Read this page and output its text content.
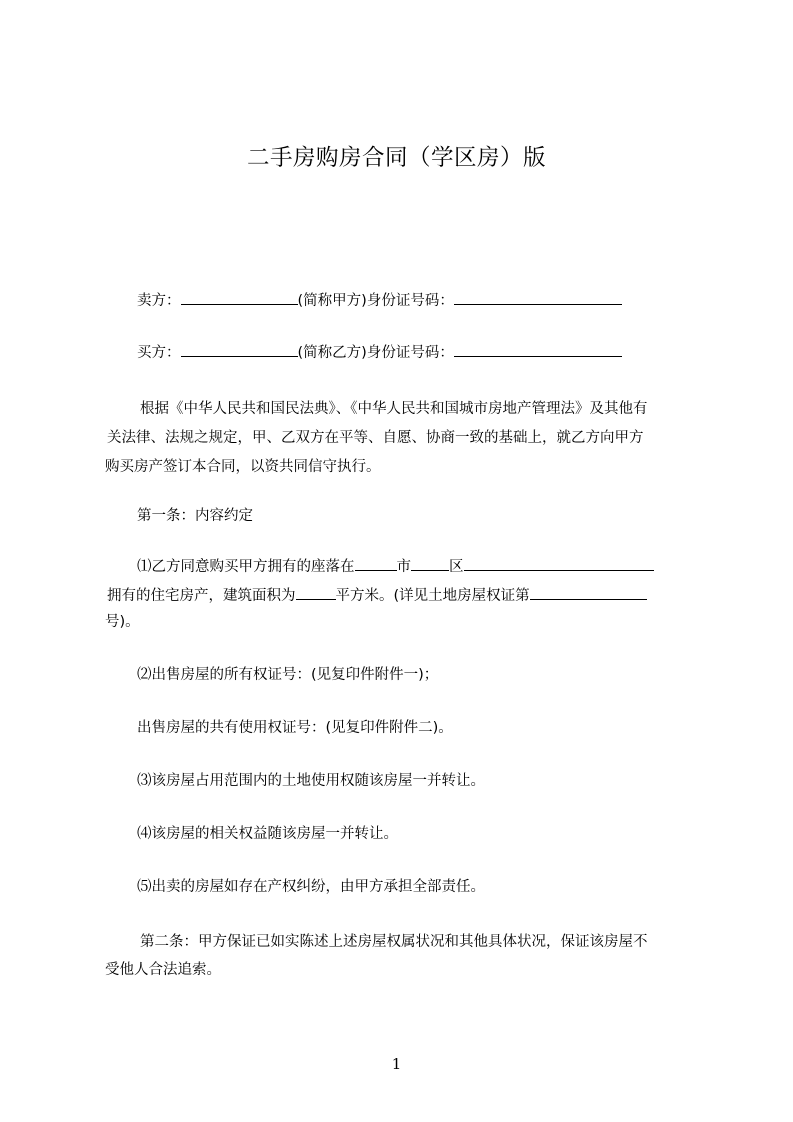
二手房购房合同（学区房）版

卖方：	(简称甲方)身份证号码：

买方：	(简称乙方)身份证号码：

根据《中华人民共和国民法典》、《中华人民共和国城市房地产管理法》及其他有

关法律、法规之规定，甲、乙双方在平等、自愿、协商一致的基础上，就乙方向甲方

购买房产签订本合同，以资共同信守执行。

第一条：内容约定

⑴乙方同意购买甲方拥有的座落在	市	区

拥有的住宅房产，建筑面积为	平方米。(详见土地房屋权证第

号)。

⑵出售房屋的所有权证号：(见复印件附件一)；

出售房屋的共有使用权证号：(见复印件附件二)。

⑶该房屋占用范围内的土地使用权随该房屋一并转让。

⑷该房屋的相关权益随该房屋一并转让。

⑸出卖的房屋如存在产权纠纷，由甲方承担全部责任。

第二条：甲方保证已如实陈述上述房屋权属状况和其他具体状况，保证该房屋不

受他人合法追索。

1
